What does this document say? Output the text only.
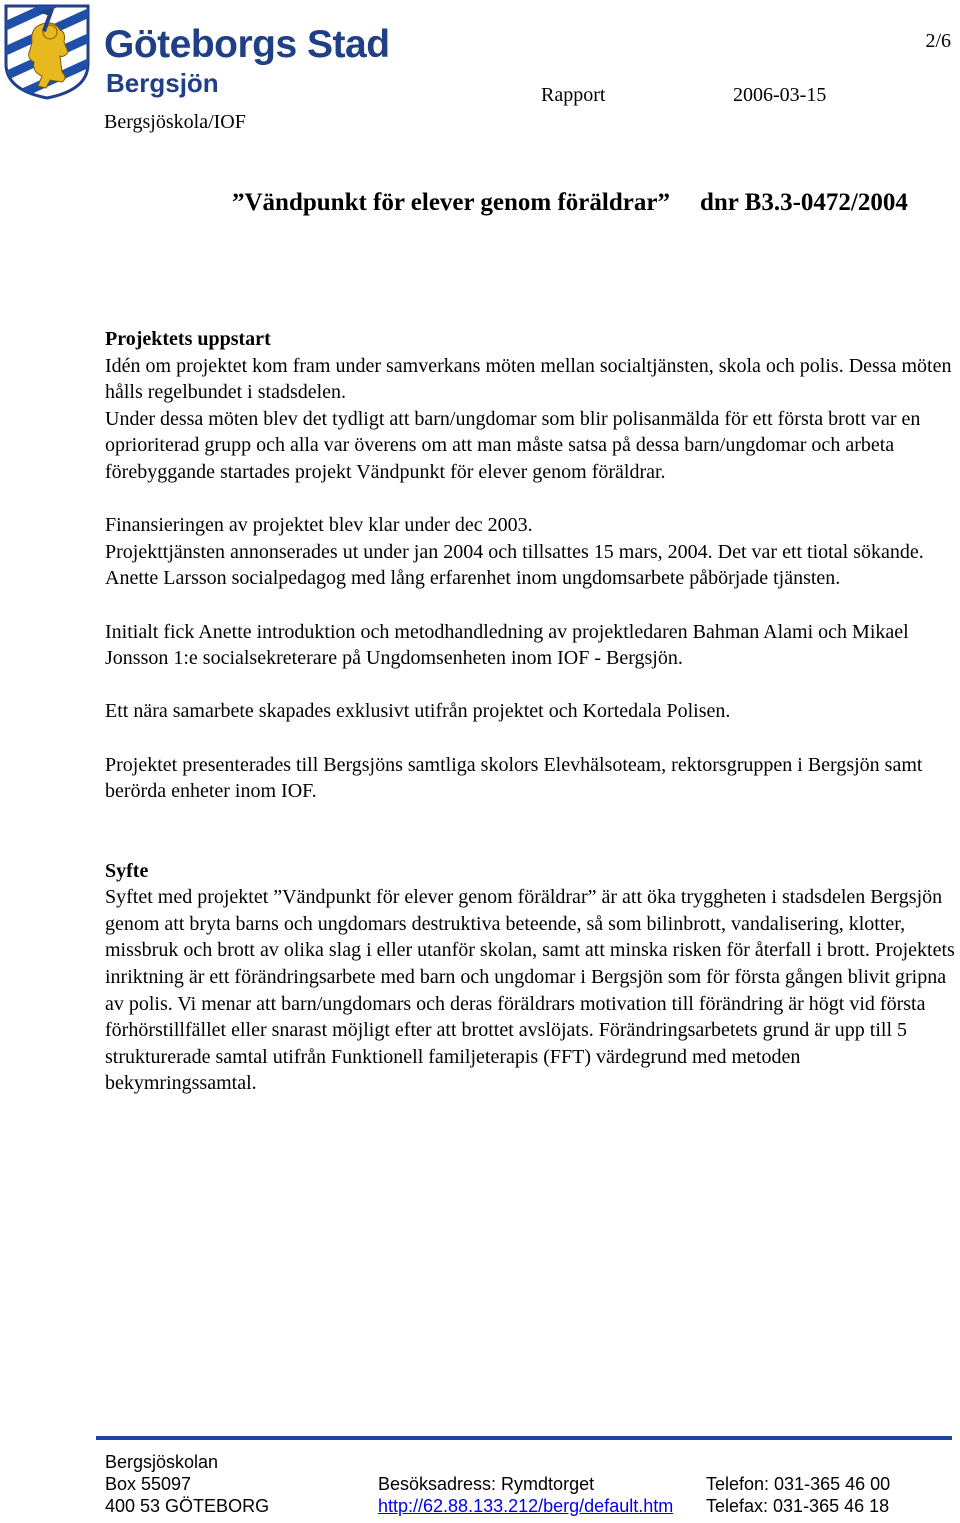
Göteborgs Stad
Bergsjön
2/6
Bergsjöskola/IOF
Rapport	2006-03-15
”Vändpunkt för elever genom föräldrar” dnr B3.3-0472/2004
Projektets uppstart

Idén om projektet kom fram under samverkans möten mellan socialtjänsten, skola och polis. Dessa möten hålls regelbundet i stadsdelen.

Under dessa möten blev det tydligt att barn/ungdomar som blir polisanmälda för ett första brott var en oprioriterad grupp och alla var överens om att man måste satsa på dessa barn/ungdomar och arbeta förebyggande startades projekt Vändpunkt för elever genom föräldrar.

Finansieringen av projektet blev klar under dec 2003.

Projekttjänsten annonserades ut under jan 2004 och tillsattes 15 mars, 2004. Det var ett tiotal sökande. Anette Larsson socialpedagog med lång erfarenhet inom ungdomsarbete påbörjade tjänsten.

Initialt fick Anette introduktion och metodhandledning av projektledaren Bahman Alami och Mikael Jonsson 1:e socialsekreterare på Ungdomsenheten inom IOF - Bergsjön.

Ett nära samarbete skapades exklusivt utifrån projektet och Kortedala Polisen.

Projektet presenterades till Bergsjöns samtliga skolors Elevhälsoteam, rektorsgruppen i Bergsjön samt berörda enheter inom IOF.

Syfte

Syftet med projektet ”Vändpunkt för elever genom föräldrar” är att öka tryggheten i stadsdelen Bergsjön genom att bryta barns och ungdomars destruktiva beteende, så som bilinbrott, vandalisering, klotter, missbruk och brott av olika slag i eller utanför skolan, samt att minska risken för återfall i brott. Projektets inriktning är ett förändringsarbete med barn och ungdomar i Bergsjön som för första gången blivit gripna av polis. Vi menar att barn/ungdomars och deras föräldrars motivation till förändring är högt vid första förhörstillfället eller snarast möjligt efter att brottet avslöjats. Förändringsarbetets grund är upp till 5 strukturerade samtal utifrån Funktionell familjeterapis (FFT) värdegrund med metoden bekymringssamtal.

Bergsjöskolan
Box 55097
400 53 GÖTEBORG
Besöksadress: Rymdtorget
http://62.88.133.212/berg/default.htm
Telefon: 031-365 46 00
Telefax: 031-365 46 18
